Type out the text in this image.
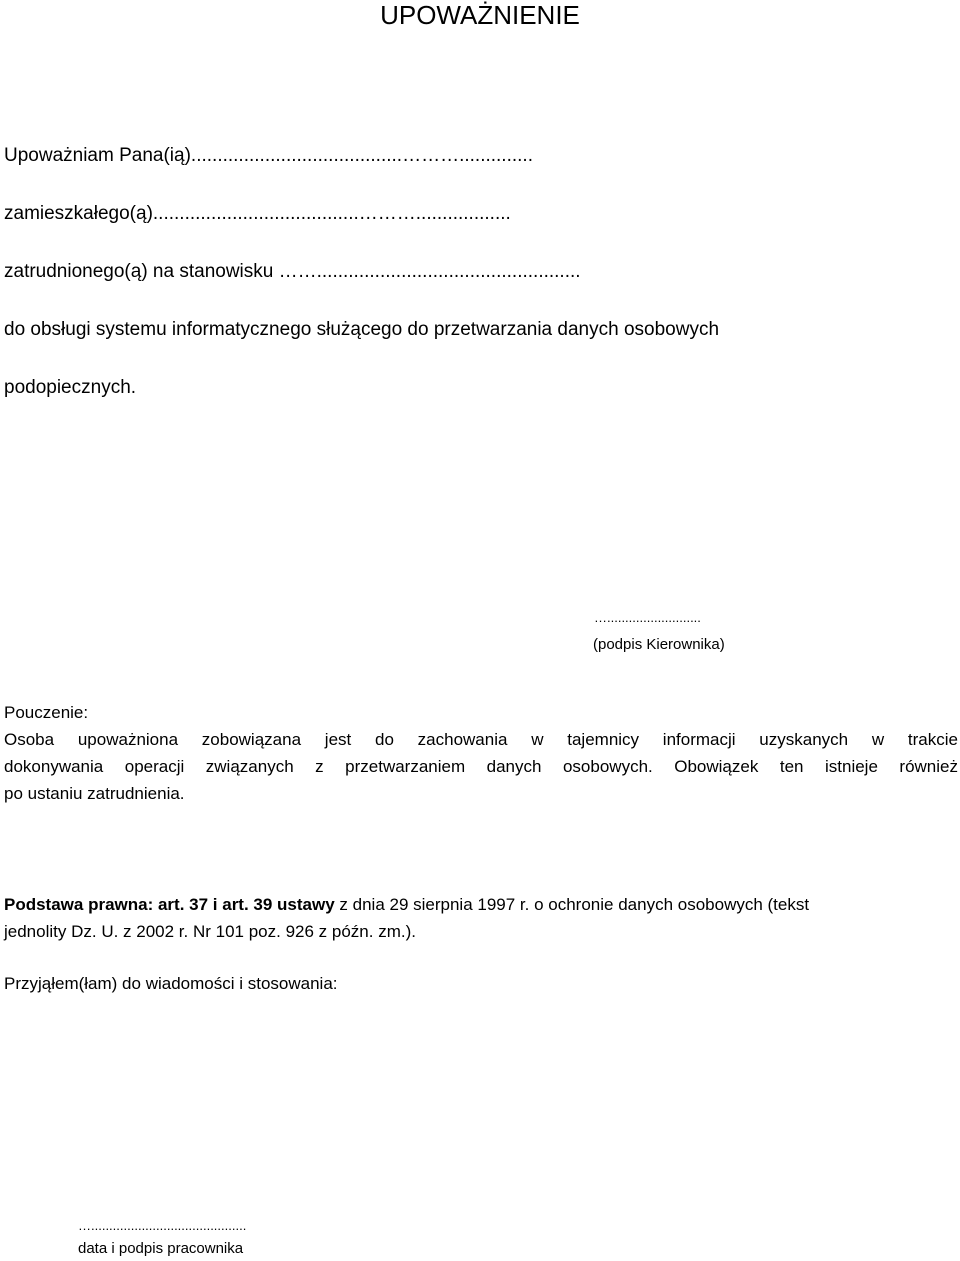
UPOWAŻNIENIE
Upoważniam Pana(ią)........................................………..............
zamieszkałego(ą).......................................………..................
zatrudnionego(ą) na stanowisku ……..................................................
do obsługi systemu informatycznego służącego do przetwarzania danych osobowych
podopiecznych.
…..........................
(podpis Kierownika)
Pouczenie:
Osoba upoważniona zobowiązana jest do zachowania w tajemnicy informacji uzyskanych w trakcie
dokonywania operacji związanych z przetwarzaniem danych osobowych. Obowiązek ten istnieje również
po ustaniu zatrudnienia.
Podstawa prawna: art. 37 i art. 39 ustawy z dnia 29 sierpnia 1997 r. o ochronie danych osobowych (tekst
jednolity Dz. U. z 2002 r. Nr 101 poz. 926 z późn. zm.).
Przyjąłem(łam) do wiadomości i stosowania:
…...........................................
data i podpis pracownika
